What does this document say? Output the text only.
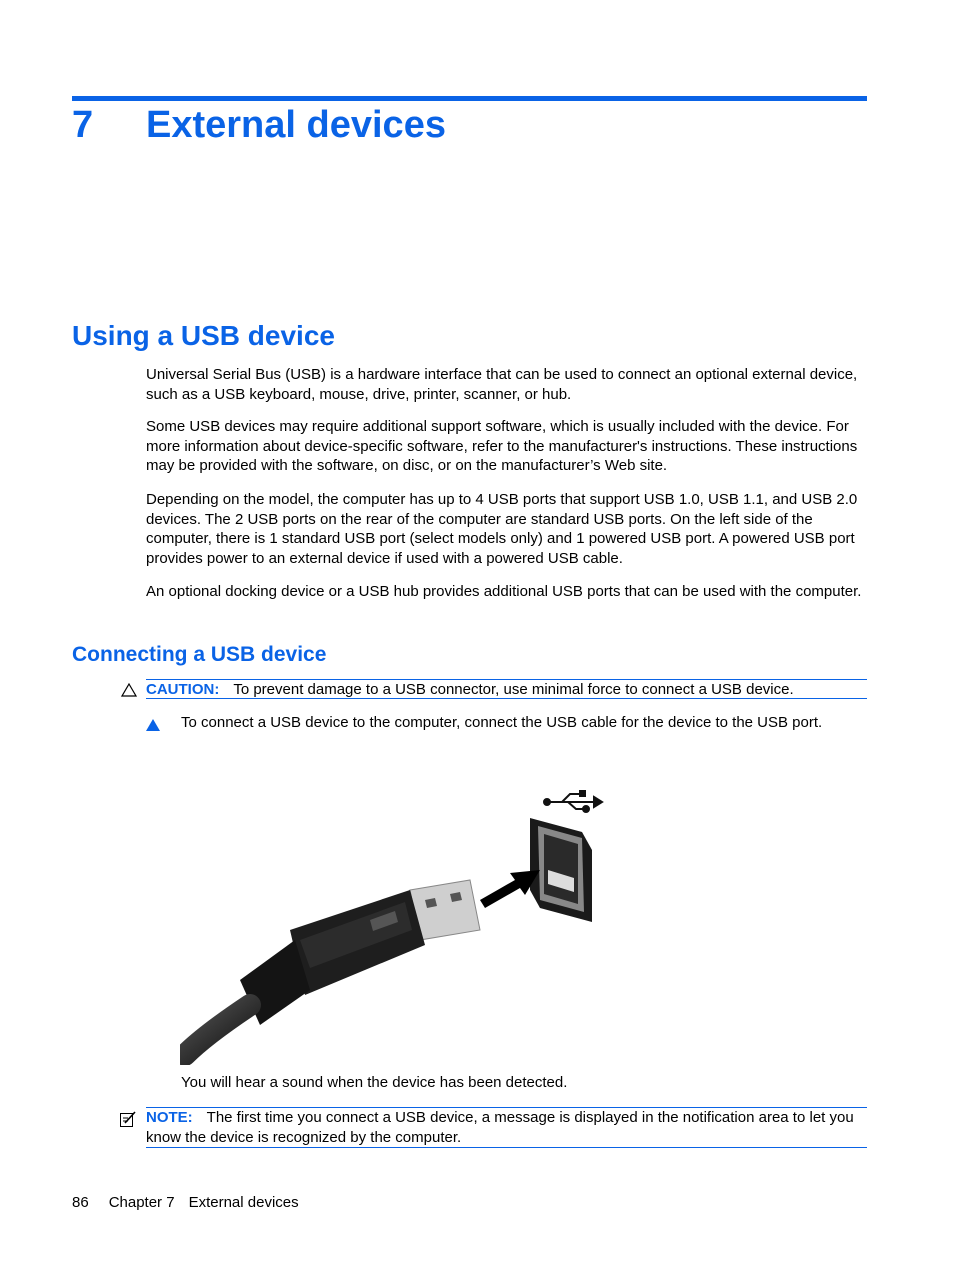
7 External devices
Using a USB device
Universal Serial Bus (USB) is a hardware interface that can be used to connect an optional external device, such as a USB keyboard, mouse, drive, printer, scanner, or hub.
Some USB devices may require additional support software, which is usually included with the device. For more information about device-specific software, refer to the manufacturer's instructions. These instructions may be provided with the software, on disc, or on the manufacturer’s Web site.
Depending on the model, the computer has up to 4 USB ports that support USB 1.0, USB 1.1, and USB 2.0 devices. The 2 USB ports on the rear of the computer are standard USB ports. On the left side of the computer, there is 1 standard USB port (select models only) and 1 powered USB port. A powered USB port provides power to an external device if used with a powered USB cable.
An optional docking device or a USB hub provides additional USB ports that can be used with the computer.
Connecting a USB device
CAUTION: To prevent damage to a USB connector, use minimal force to connect a USB device.
To connect a USB device to the computer, connect the USB cable for the device to the USB port.
You will hear a sound when the device has been detected.
NOTE: The first time you connect a USB device, a message is displayed in the notification area to let you know the device is recognized by the computer.
86 Chapter 7 External devices
